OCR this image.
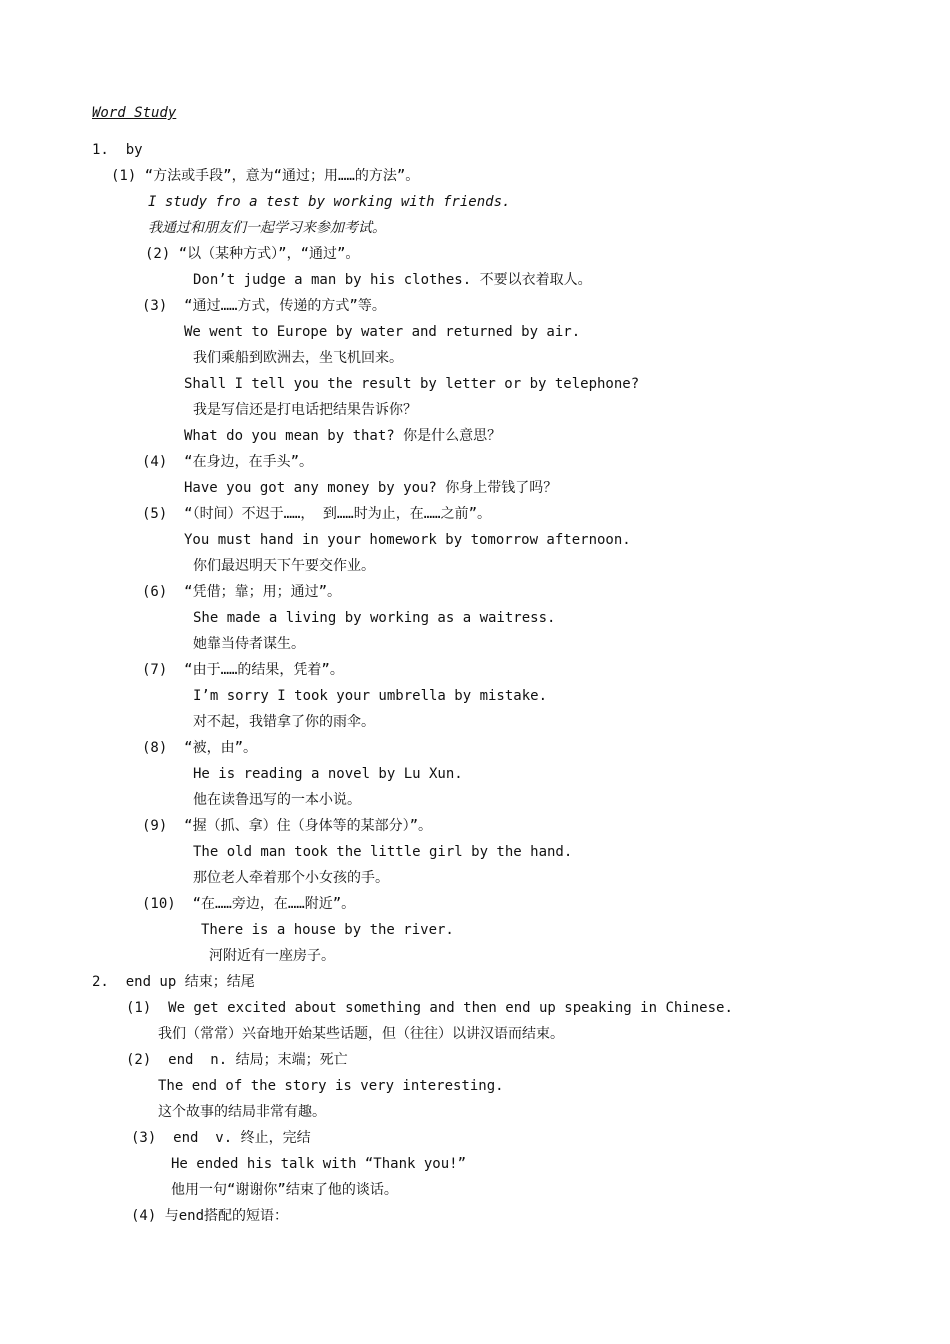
Word Study
1.  by
(1) “方法或手段”，意为“通过；用……的方法”。
I study fro a test by working with friends.
我通过和朋友们一起学习来参加考试。
(2) “以（某种方式）”，“通过”。
Don’t judge a man by his clothes. 不要以衣着取人。
(3)  “通过……方式，传递的方式”等。
We went to Europe by water and returned by air.
我们乘船到欧洲去，坐飞机回来。
Shall I tell you the result by letter or by telephone?
我是写信还是打电话把结果告诉你？
What do you mean by that? 你是什么意思？
(4)  “在身边，在手头”。
Have you got any money by you? 你身上带钱了吗？
(5)  “（时间）不迟于……， 到……时为止，在……之前”。
You must hand in your homework by tomorrow afternoon.
你们最迟明天下午要交作业。
(6)  “凭借；靠；用；通过”。
She made a living by working as a waitress.
她靠当侍者谋生。
(7)  “由于……的结果，凭着”。
I’m sorry I took your umbrella by mistake.
对不起，我错拿了你的雨伞。
(8)  “被，由”。
He is reading a novel by Lu Xun.
他在读鲁迅写的一本小说。
(9)  “握（抓、拿）住（身体等的某部分）”。
The old man took the little girl by the hand.
那位老人牵着那个小女孩的手。
(10)  “在……旁边，在……附近”。
There is a house by the river.
河附近有一座房子。
2.  end up 结束；结尾
(1)  We get excited about something and then end up speaking in Chinese.
我们（常常）兴奋地开始某些话题，但（往往）以讲汉语而结束。
(2)  end  n. 结局；末端；死亡
The end of the story is very interesting.
这个故事的结局非常有趣。
(3)  end  v. 终止，完结
He ended his talk with “Thank you!”
他用一句“谢谢你”结束了他的谈话。
(4) 与end搭配的短语：
